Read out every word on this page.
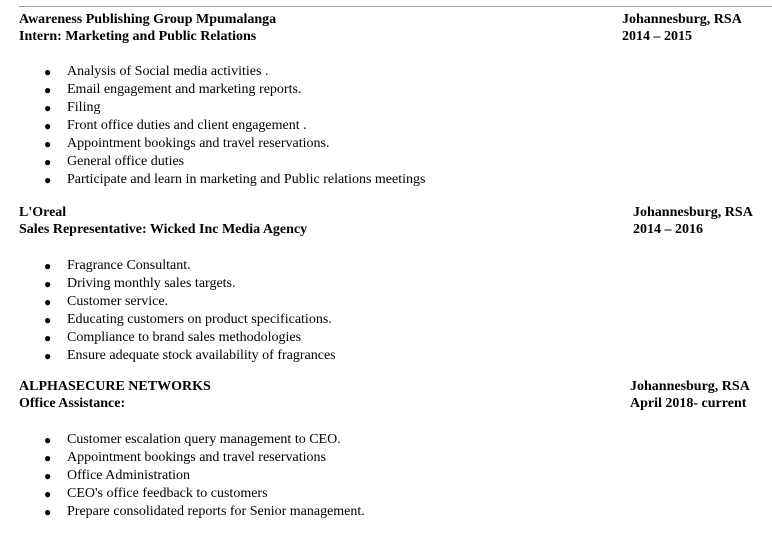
Awareness Publishing Group Mpumalanga	Johannesburg, RSA
Intern: Marketing and Public Relations	2014 – 2015
● Analysis of Social media activities .
● Email engagement and marketing reports.
● Filing
● Front office duties and client engagement .
● Appointment bookings and travel reservations.
● General office duties
● Participate and learn in marketing and Public relations meetings
L'Oreal	Johannesburg, RSA
Sales Representative: Wicked Inc Media Agency	2014 – 2016
● Fragrance Consultant.
● Driving monthly sales targets.
● Customer service.
● Educating customers on product specifications.
● Compliance to brand sales methodologies
● Ensure adequate stock availability of fragrances
ALPHASECURE NETWORKS	Johannesburg, RSA
Office Assistance:	April 2018- current
● Customer escalation query management to CEO.
● Appointment bookings and travel reservations
● Office Administration
● CEO's office feedback to customers
● Prepare consolidated reports for Senior management.
